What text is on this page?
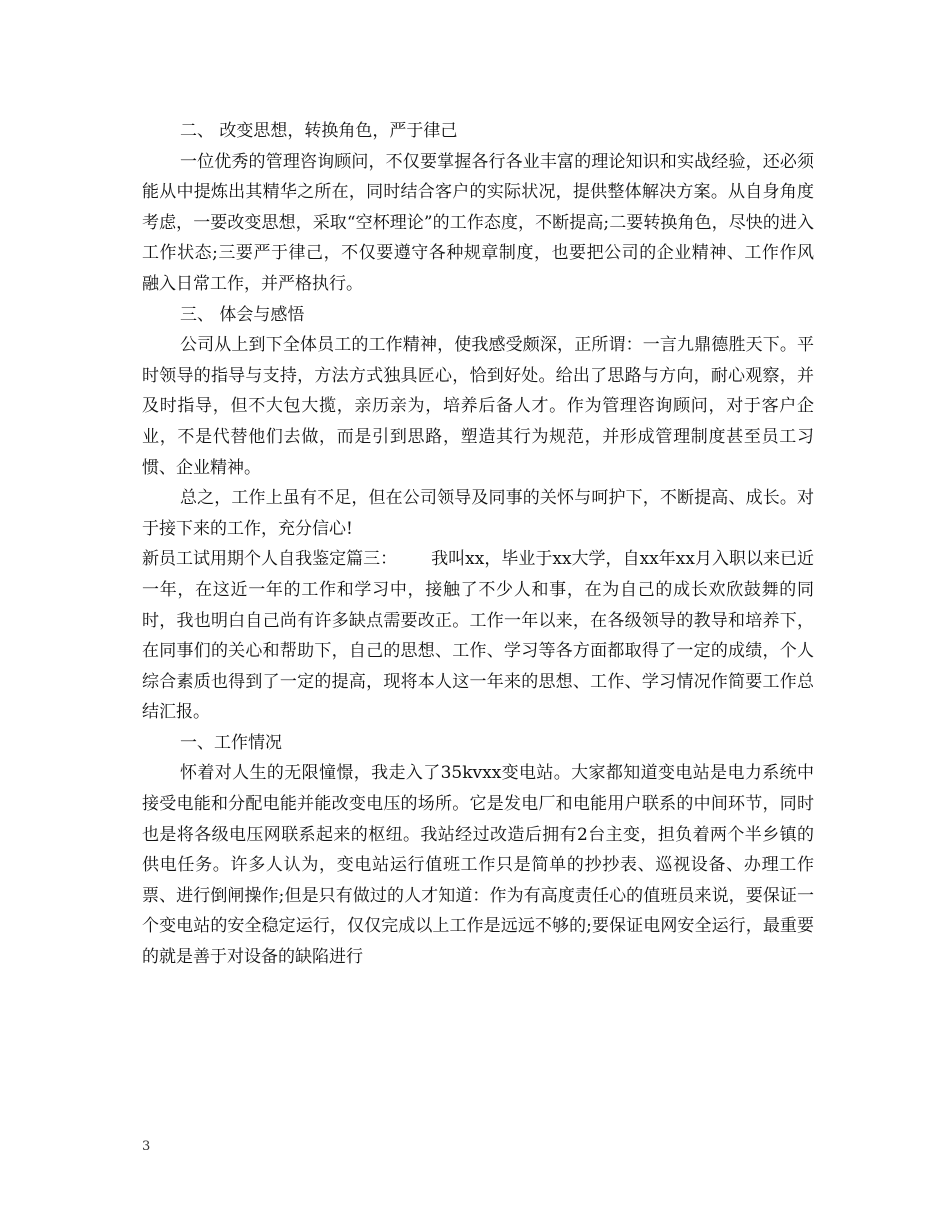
二、 改变思想，转换角色，严于律己

一位优秀的管理咨询顾问，不仅要掌握各行各业丰富的理论知识和实战经验，还必须能从中提炼出其精华之所在，同时结合客户的实际状况，提供整体解决方案。从自身角度考虑，一要改变思想，采取“空杯理论”的工作态度，不断提高;二要转换角色，尽快的进入工作状态;三要严于律己，不仅要遵守各种规章制度，也要把公司的企业精神、工作作风 融入日常工作，并严格执行。

三、 体会与感悟

公司从上到下全体员工的工作精神，使我感受颇深，正所谓：一言九鼎德胜天下。平时领导的指导与支持，方法方式独具匠心，恰到好处。给出了思路与方向，耐心观察，并及时指导，但不大包大揽，亲历亲为，培养后备人才。作为管理咨询顾问，对于客户企业，不是代替他们去做，而是引到思路，塑造其行为规范，并形成管理制度甚至员工习惯、企业精神。

总之，工作上虽有不足，但在公司领导及同事的关怀与呵护下，不断提高、成长。对于接下来的工作，充分信心!

新员工试用期个人自我鉴定篇三： 我叫xx，毕业于xx大学，自xx年xx月入职以来已近一年，在这近一年的工作和学习中，接触了不少人和事，在为自己的成长欢欣鼓舞的同时，我也明白自己尚有许多缺点需要改正。工作一年以来，在各级领导的教导和培养下，在同事们的关心和帮助下，自己的思想、工作、学习等各方面都取得了一定的成绩，个人综合素质也得到了一定的提高，现将本人这一年来的思想、工作、学习情况作简要工作总结汇报。

一、工作情况

怀着对人生的无限憧憬，我走入了35kvxx变电站。大家都知道变电站是电力系统中接受电能和分配电能并能改变电压的场所。它是发电厂和电能用户联系的中间环节，同时也是将各级电压网联系起来的枢纽。我站经过改造后拥有2台主变，担负着两个半乡镇的供电任务。许多人认为，变电站运行值班工作只是简单的抄抄表、巡视设备、办理工作票、进行倒闸操作;但是只有做过的人才知道：作为有高度责任心的值班员来说，要保证一个变电站的安全稳定运行，仅仅完成以上工作是远远不够的;要保证电网安全运行，最重要的就是善于对设备的缺陷进行

3
